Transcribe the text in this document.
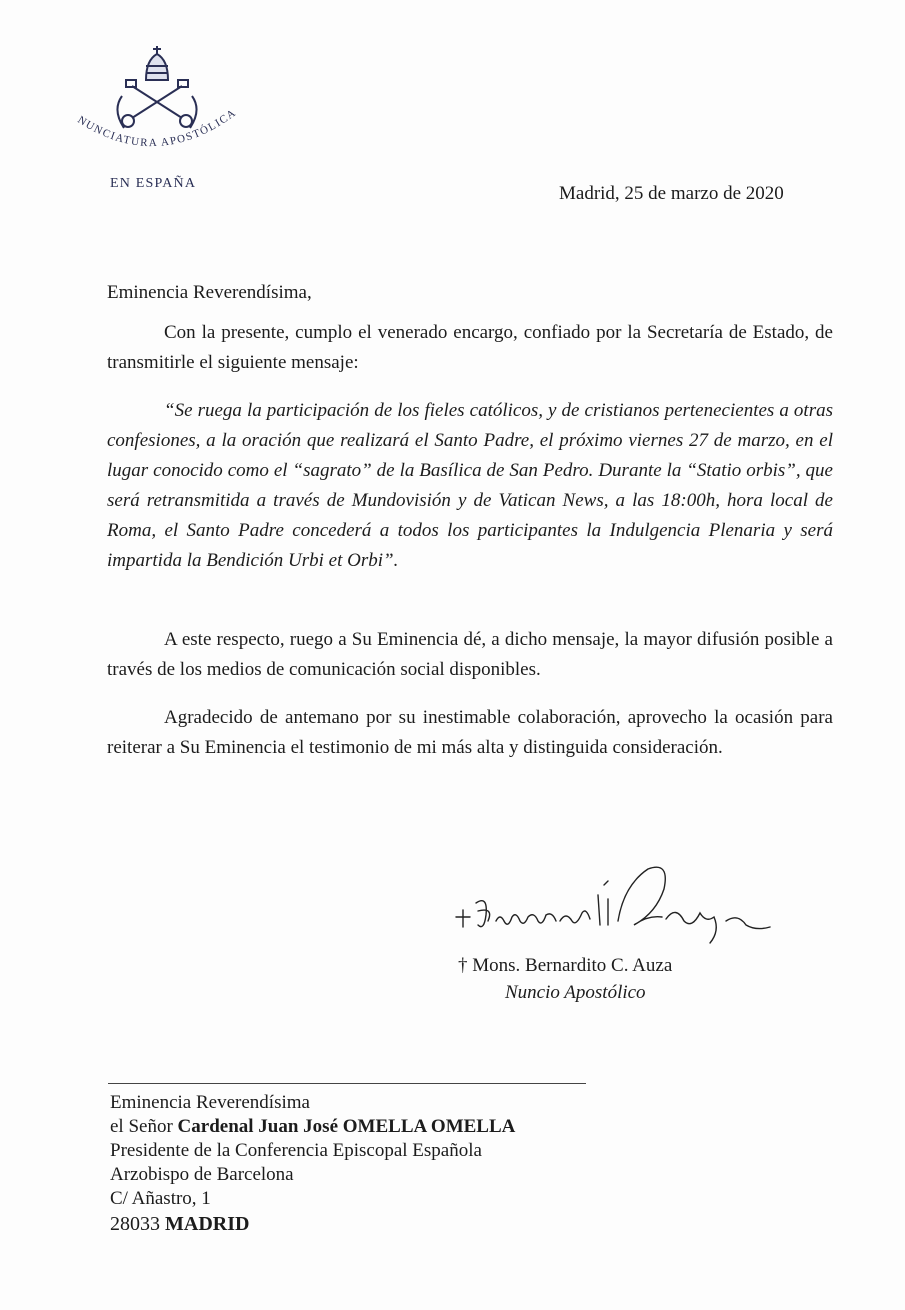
NUNCIATURA APOSTÓLICA
EN ESPAÑA	Madrid, 25 de marzo de 2020
Eminencia Reverendísima,
Con la presente, cumplo el venerado encargo, confiado por la Secretaría de Estado, de transmitirle el siguiente mensaje:
“Se ruega la participación de los fieles católicos, y de cristianos pertenecientes a otras confesiones, a la oración que realizará el Santo Padre, el próximo viernes 27 de marzo, en el lugar conocido como el “sagrato” de la Basílica de San Pedro. Durante la “Statio orbis”, que será retransmitida a través de Mundovisión y de Vatican News, a las 18:00h, hora local de Roma, el Santo Padre concederá a todos los participantes la Indulgencia Plenaria y será impartida la Bendición Urbi et Orbi”.
A este respecto, ruego a Su Eminencia dé, a dicho mensaje, la mayor difusión posible a través de los medios de comunicación social disponibles.
Agradecido de antemano por su inestimable colaboración, aprovecho la ocasión para reiterar a Su Eminencia el testimonio de mi más alta y distinguida consideración.
† Mons. Bernardito C. Auza
Nuncio Apostólico
Eminencia Reverendísima
el Señor Cardenal Juan José OMELLA OMELLA
Presidente de la Conferencia Episcopal Española
Arzobispo de Barcelona
C/ Añastro, 1
28033 MADRID
